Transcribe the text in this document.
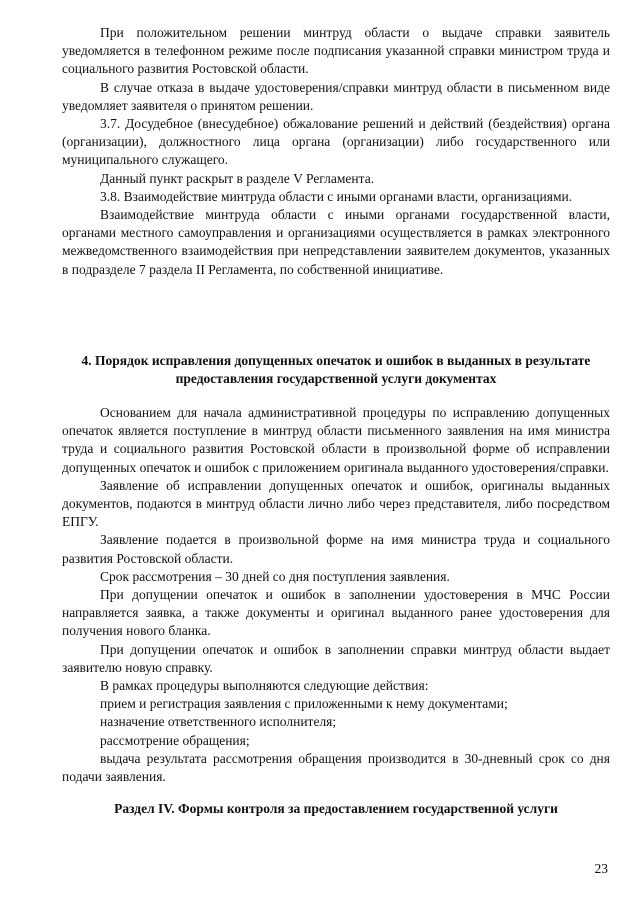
При положительном решении минтруд области о выдаче справки заявитель уведомляется в телефонном режиме после подписания указанной справки министром труда и социального развития Ростовской области.

В случае отказа в выдаче удостоверения/справки минтруд области в письменном виде уведомляет заявителя о принятом решении.

3.7. Досудебное (внесудебное) обжалование решений и действий (бездействия) органа (организации), должностного лица органа (организации) либо государственного или муниципального служащего.

Данный пункт раскрыт в разделе V Регламента.

3.8. Взаимодействие минтруда области с иными органами власти, организациями.

Взаимодействие минтруда области с иными органами государственной власти, органами местного самоуправления и организациями осуществляется в рамках электронного межведомственного взаимодействия при непредставлении заявителем документов, указанных в подразделе 7 раздела II Регламента, по собственной инициативе.

4. Порядок исправления допущенных опечаток и ошибок в выданных в результате предоставления государственной услуги документах

Основанием для начала административной процедуры по исправлению допущенных опечаток является поступление в минтруд области письменного заявления на имя министра труда и социального развития Ростовской области в произвольной форме об исправлении допущенных опечаток и ошибок с приложением оригинала выданного удостоверения/справки.

Заявление об исправлении допущенных опечаток и ошибок, оригиналы выданных документов, подаются в минтруд области лично либо через представителя, либо посредством ЕПГУ.

Заявление подается в произвольной форме на имя министра труда и социального развития Ростовской области.

Срок рассмотрения – 30 дней со дня поступления заявления.

При допущении опечаток и ошибок в заполнении удостоверения в МЧС России направляется заявка, а также документы и оригинал выданного ранее удостоверения для получения нового бланка.

При допущении опечаток и ошибок в заполнении справки минтруд области выдает заявителю новую справку.

В рамках процедуры выполняются следующие действия:

прием и регистрация заявления с приложенными к нему документами;

назначение ответственного исполнителя;

рассмотрение обращения;

выдача результата рассмотрения обращения производится в 30-дневный срок со дня подачи заявления.

Раздел IV. Формы контроля за предоставлением государственной услуги

23
